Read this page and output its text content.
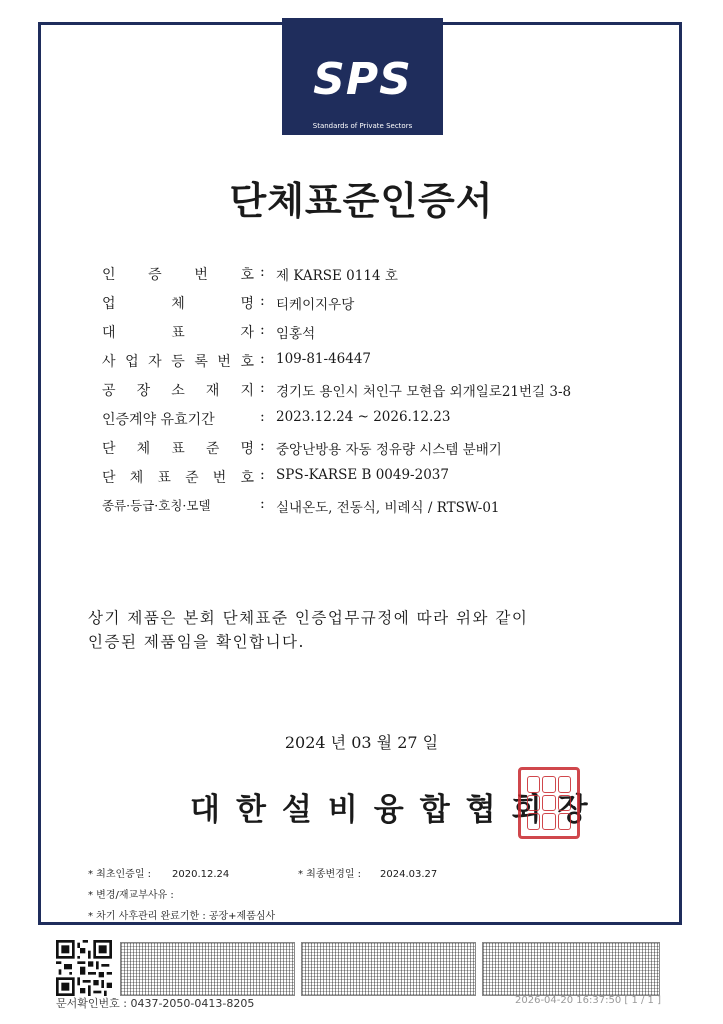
SPS
Standards of Private Sectors
단체표준인증서
인 증 번 호 : 제 KARSE 0114 호
업	체	명 : 티케이지우당
대	표	자 : 임홍석
사 업 자 등 록 번 호 : 109-81-46447
공 장 소 재 지 : 경기도 용인시 처인구 모현읍 외개일로21번길 3-8
인증계약 유효기간	: 2023.12.24 ~ 2026.12.23
단 체 표 준 명 : 중앙난방용 자동 정유량 시스템 분배기
단 체 표 준 번 호 : SPS-KARSE B 0049-2037
종류·등급·호칭·모델	: 실내온도, 전동식, 비례식 / RTSW-01
상기 제품은 본회 단체표준 인증업무규정에 따라 위와 같이
인증된 제품임을 확인합니다.
2024 년 03 월 27 일
대한설비융합협회장
* 최초인증일 : 2020.12.24	* 최종변경일 : 2024.03.27
* 변경/재교부사유 :
* 차기 사후관리 완료기한 : 공장+제품심사
문서확인번호 : 0437-2050-0413-8205	2026-04-20 16:37:50 [ 1 / 1 ]
